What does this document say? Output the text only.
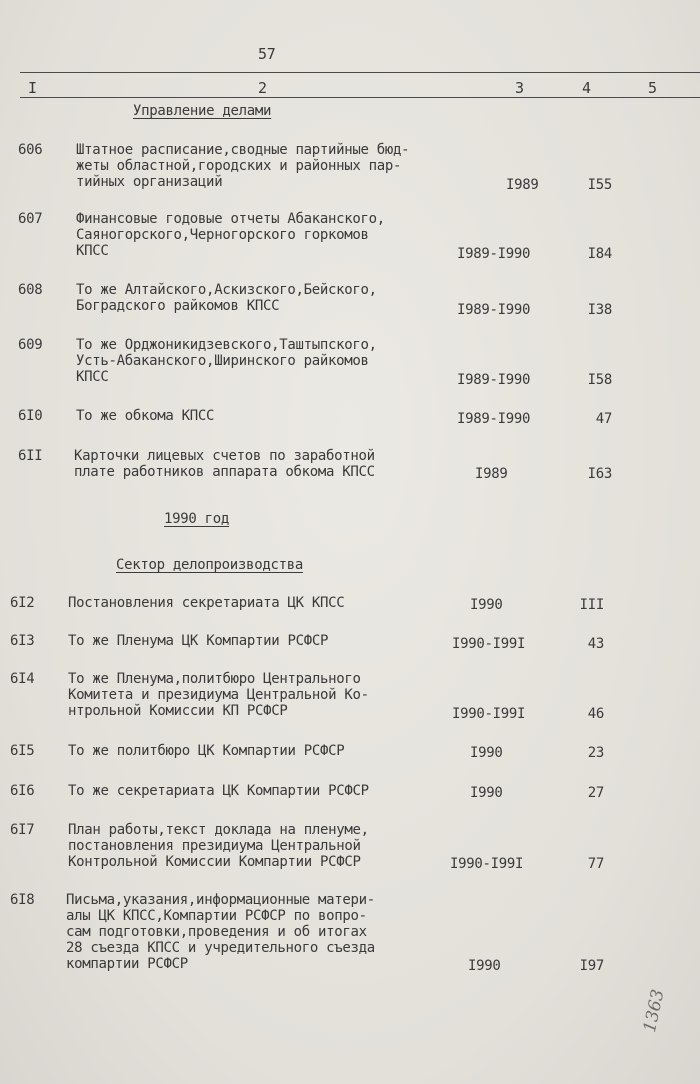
57
I	2	3	4	5
Управление делами
1990 год
Сектор делопроизводства
606 Штатное расписание,сводные партийные бюд-
жеты областной,городских и районных пар-
тийных организаций	I989	I55
607 Финансовые годовые отчеты Абаканского,
Саяногорского,Черногорского горкомов
КПСС	I989-I990	I84
608 То же Алтайского,Аскизского,Бейского,
Боградского райкомов КПСС	I989-I990	I38
609 То же Орджоникидзевского,Таштыпского,
Усть-Абаканского,Ширинского райкомов
КПСС	I989-I990	I58
6I0 То же обкома КПСС	I989-I990	47
6II Карточки лицевых счетов по заработной
плате работников аппарата обкома КПСС	I989	I63
6I2 Постановления секретариата ЦК КПСС	I990	III
6I3 То же Пленума ЦК Компартии РСФСР	I990-I99I	43
6I4 То же Пленума,политбюро Центрального
Комитета и президиума Центральной Ко-
нтрольной Комиссии КП РСФСР	I990-I99I	46
6I5 То же политбюро ЦК Компартии РСФСР	I990	23
6I6 То же секретариата ЦК Компартии РСФСР	I990	27
6I7 План работы,текст доклада на пленуме,
постановления президиума Центральной
Контрольной Комиссии Компартии РСФСР	I990-I99I	77
6I8 Письма,указания,информационные матери-
алы ЦК КПСС,Компартии РСФСР по вопро-
сам подготовки,проведения и об итогах
28 съезда КПСС и учредительного съезда
компартии РСФСР	I990	I97
1363
